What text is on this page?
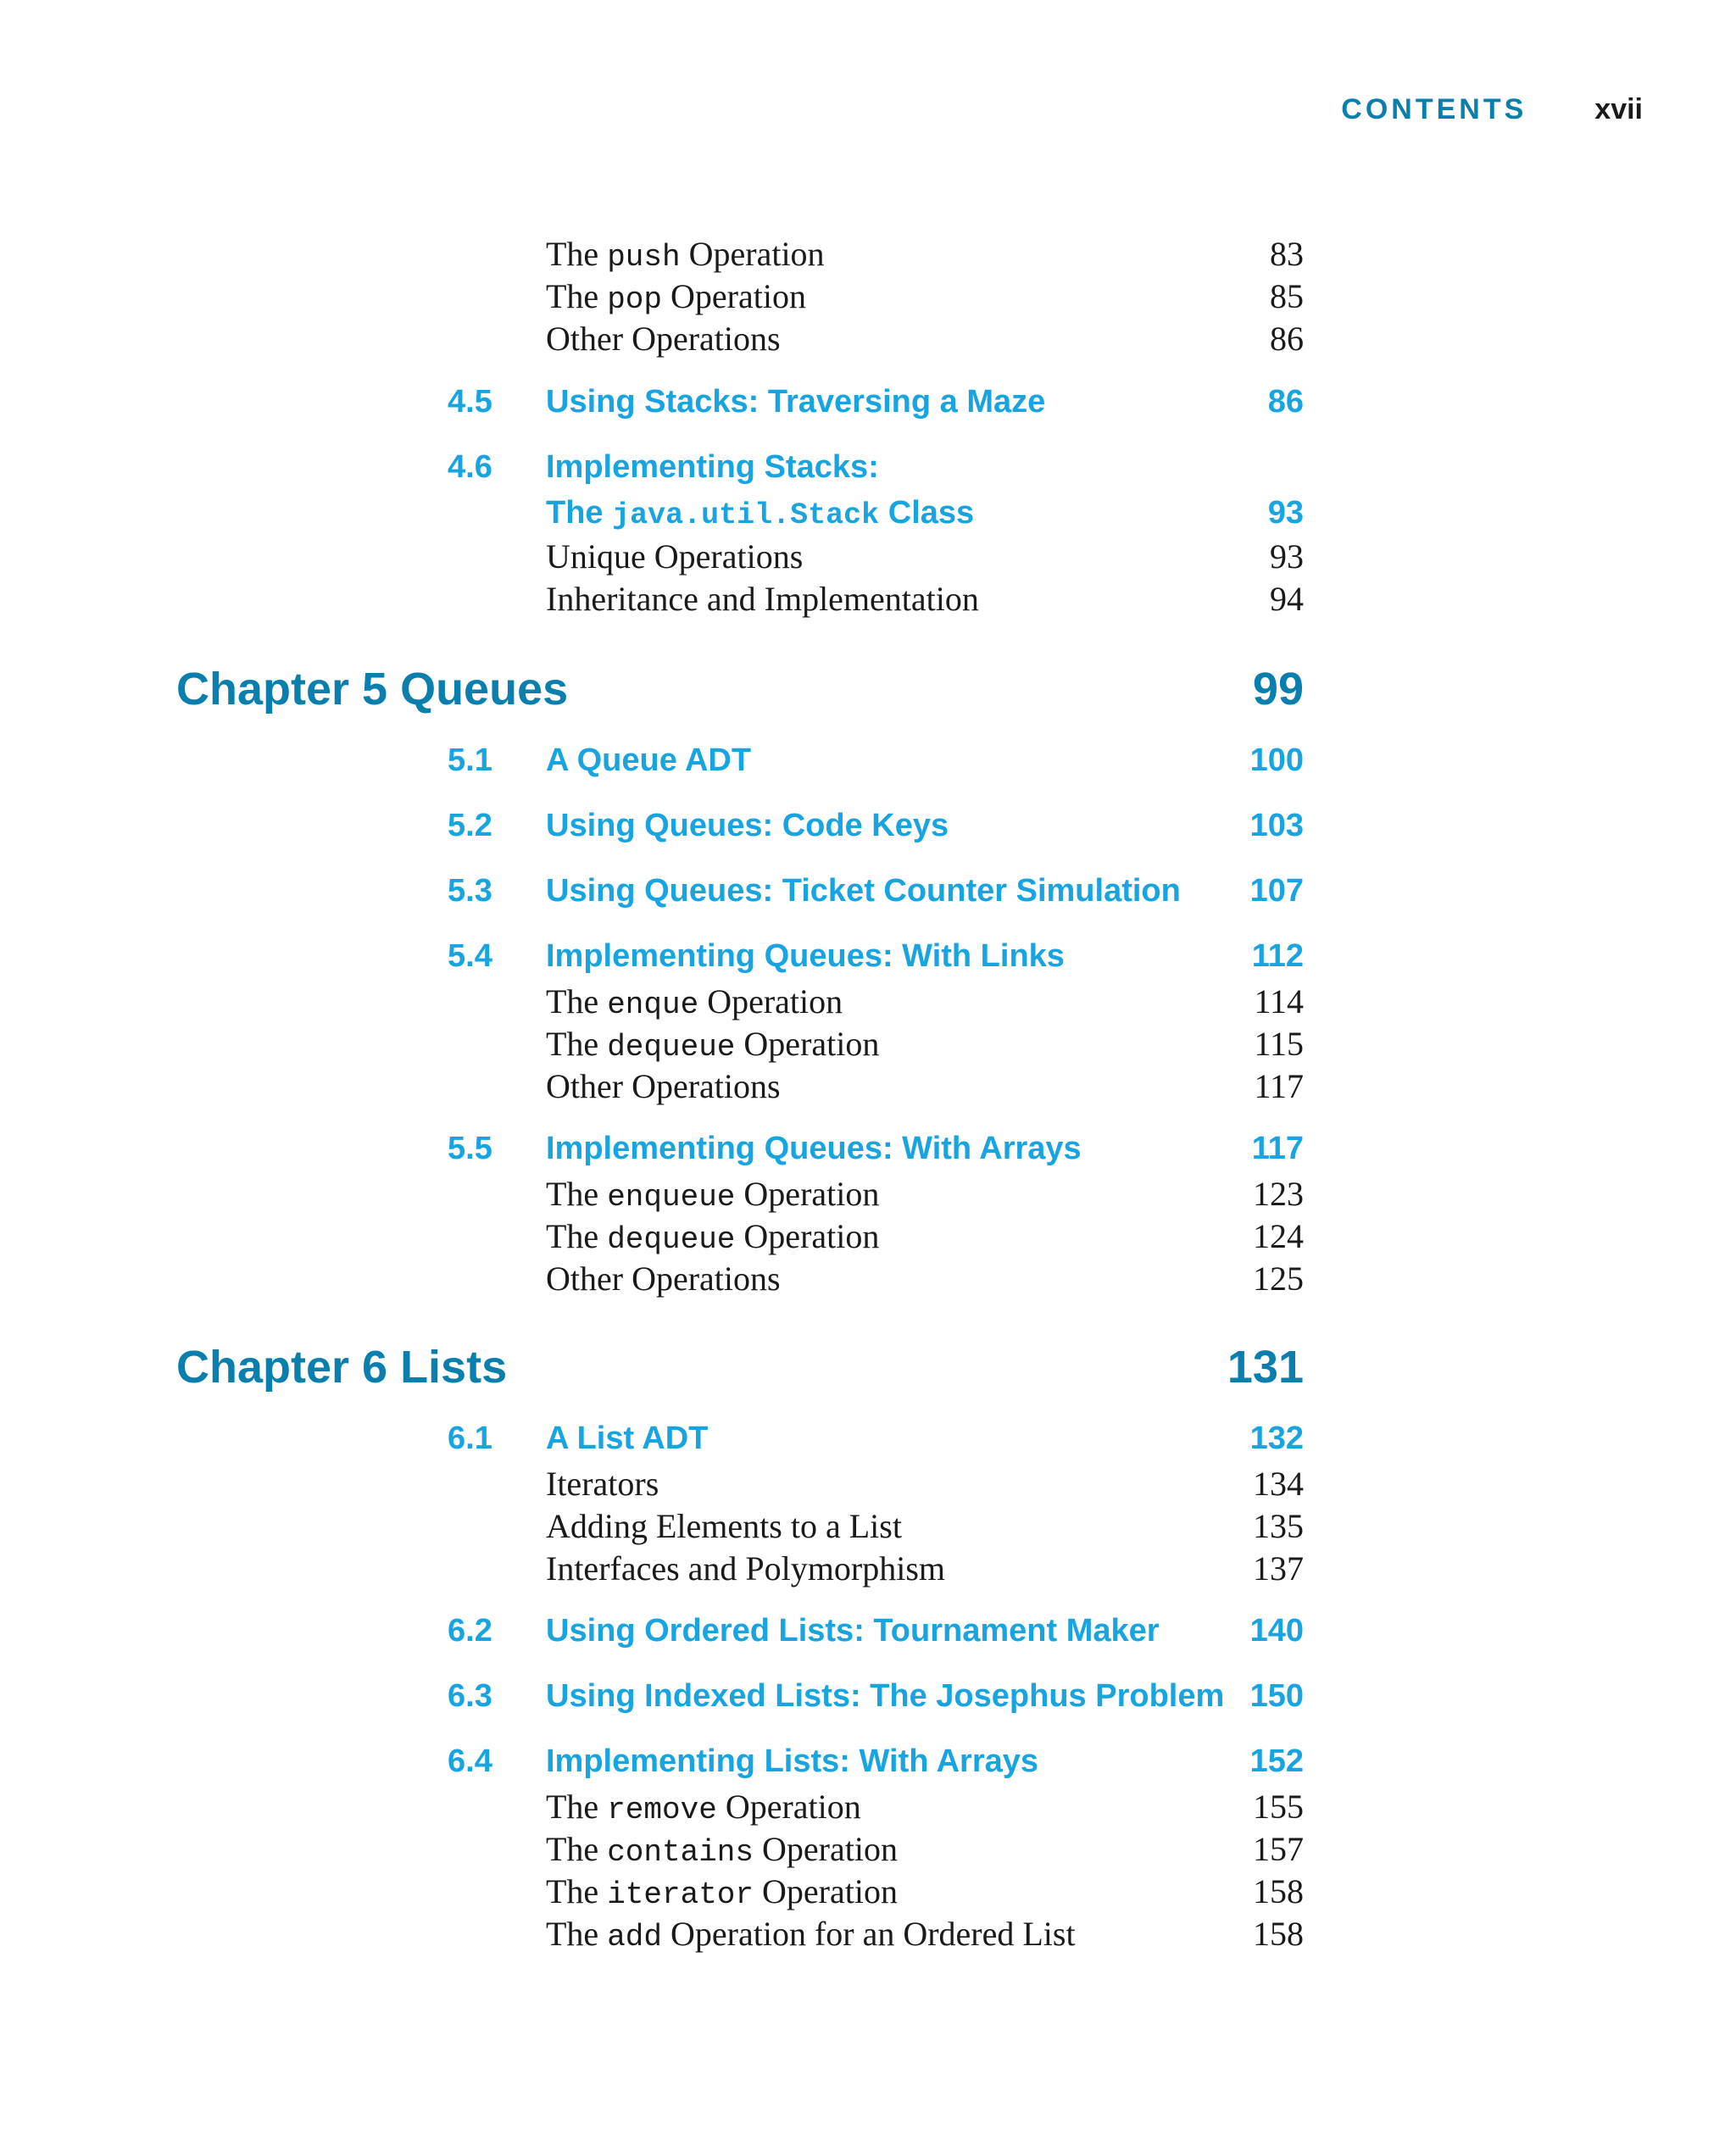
CONTENTS xvii
The push Operation	83
The pop Operation	85
Other Operations	86
4.5 Using Stacks: Traversing a Maze	86
4.6 Implementing Stacks:
The java.util.Stack Class	93
Unique Operations	93
Inheritance and Implementation	94
Chapter 5 Queues	99
5.1 A Queue ADT	100
5.2 Using Queues: Code Keys	103
5.3 Using Queues: Ticket Counter Simulation 107
5.4 Implementing Queues: With Links	112
The enque Operation	114
The dequeue Operation	115
Other Operations	117
5.5 Implementing Queues: With Arrays	117
The enqueue Operation	123
The dequeue Operation	124
Other Operations	125
Chapter 6 Lists	131
6.1 A List ADT	132
Iterators	134
Adding Elements to a List	135
Interfaces and Polymorphism	137
6.2 Using Ordered Lists: Tournament Maker	140
6.3 Using Indexed Lists: The Josephus Problem 150
6.4 Implementing Lists: With Arrays	152
The remove Operation	155
The contains Operation	157
The iterator Operation	158
The add Operation for an Ordered List	158
